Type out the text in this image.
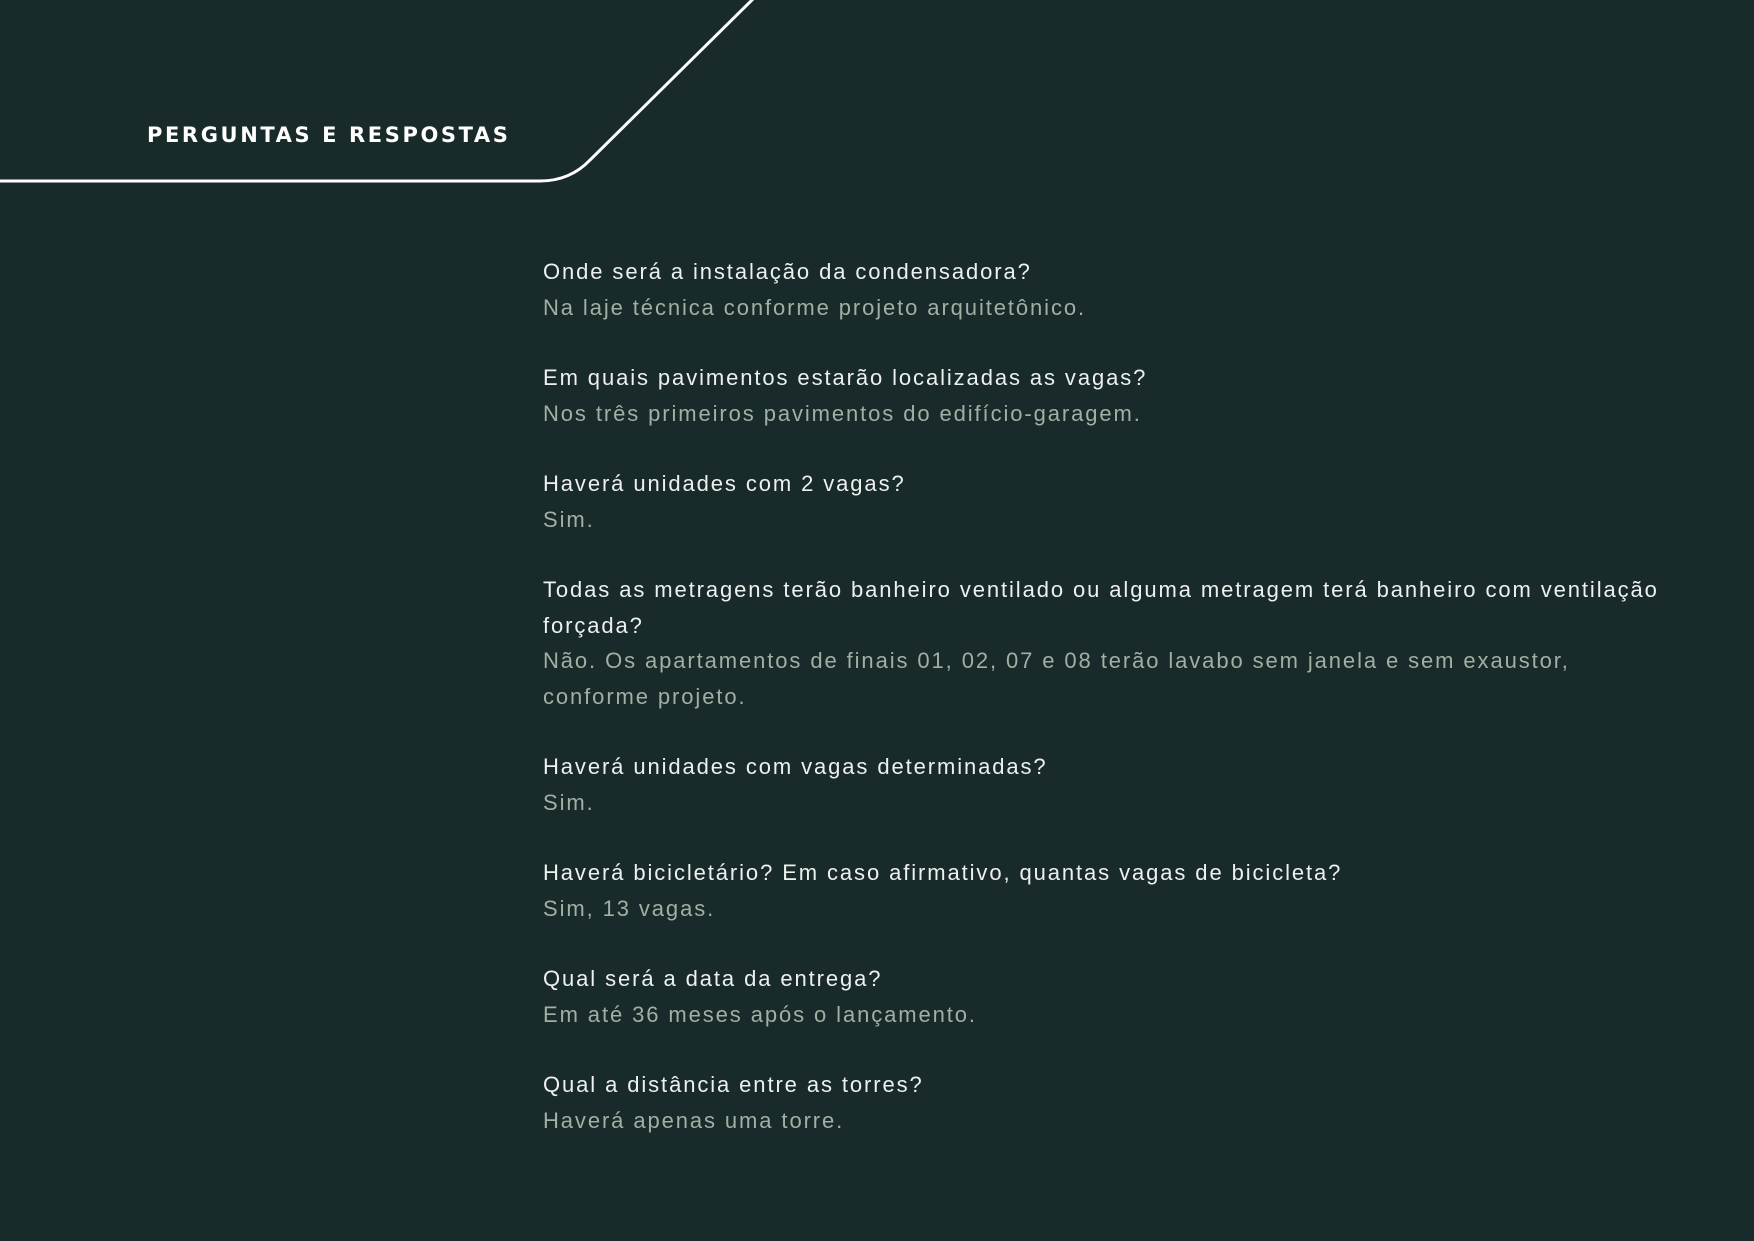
PERGUNTAS E RESPOSTAS

Onde será a instalação da condensadora?

Na laje técnica conforme projeto arquitetônico.

Em quais pavimentos estarão localizadas as vagas?

Nos três primeiros pavimentos do edifício-garagem.

Haverá unidades com 2 vagas?

Sim.

Todas as metragens terão banheiro ventilado ou alguma metragem terá banheiro com ventilação forçada?

Não. Os apartamentos de finais 01, 02, 07 e 08 terão lavabo sem janela e sem exaustor, conforme projeto.

Haverá unidades com vagas determinadas?

Sim.

Haverá bicicletário? Em caso afirmativo, quantas vagas de bicicleta?

Sim, 13 vagas.

Qual será a data da entrega?

Em até 36 meses após o lançamento.

Qual a distância entre as torres?

Haverá apenas uma torre.
